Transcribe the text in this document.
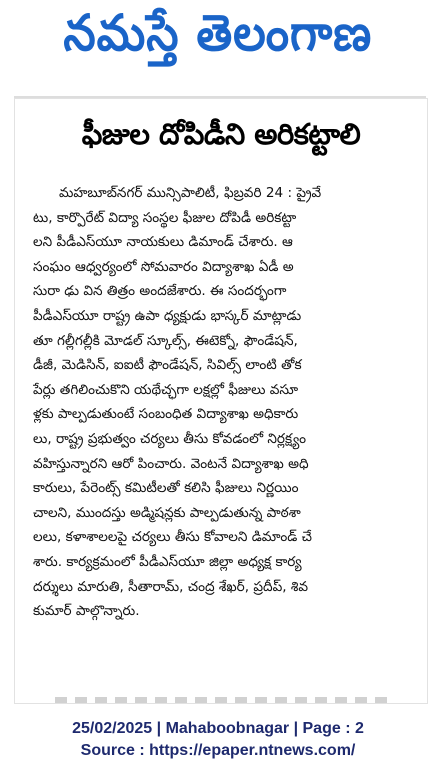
నమస్తే తెలంగాణ
ఫీజుల దోపిడీని అరికట్టాలి
మహబూబ్‌నగర్ మున్సిపాలిటీ, ఫిబ్రవరి 24 : ప్రైవే
టు, కార్పొరేట్ విద్యా సంస్థల ఫీజుల దోపిడీ అరికట్టా
లని పీడీఎస్‌యూ నాయకులు డిమాండ్ చేశారు. ఆ
సంఘం ఆధ్వర్యంలో సోమవారం విద్యాశాఖ ఏడీ అ
సురా ఢు విన తిత్రం అందజేశారు. ఈ సందర్భంగా
పీడీఎస్‌యూ రాష్ట్ర ఉపా ధ్యక్షుడు భాస్కర్ మాట్లాడు
తూ గల్లీగల్లీకి మోడల్ స్కూల్స్, ఈటెక్నో, ఫౌండేషన్,
డీజీ, మెడిసిన్, ఐఐటీ ఫౌండేషన్, సివిల్స్ లాంటి తోక
పేర్లు తగిలించుకొని యథేచ్ఛగా లక్షల్లో ఫీజులు వసూ
ళ్లకు పాల్పడుతుంటే సంబంధిత విద్యాశాఖ అధికారు
లు, రాష్ట్ర ప్రభుత్వం చర్యలు తీసు కోవడంలో నిర్లక్ష్యం
వహిస్తున్నారని ఆరో పించారు. వెంటనే విద్యాశాఖ అధి
కారులు, పేరెంట్స్ కమిటీలతో కలిసి ఫీజులు నిర్ణయిం
చాలని, ముందస్తు అడ్మిషన్లకు పాల్పడుతున్న పాఠశా
లలు, కళాశాలలపై చర్యలు తీసు కోవాలని డిమాండ్ చే
శారు. కార్యక్రమంలో పీడీఎస్‌యూ జిల్లా అధ్యక్ష కార్య
దర్శులు మారుతి, సీతారామ్, చంద్ర శేఖర్, ప్రదీప్, శివ
కుమార్ పాల్గొన్నారు.
25/02/2025 | Mahaboobnagar | Page : 2
Source : https://epaper.ntnews.com/
